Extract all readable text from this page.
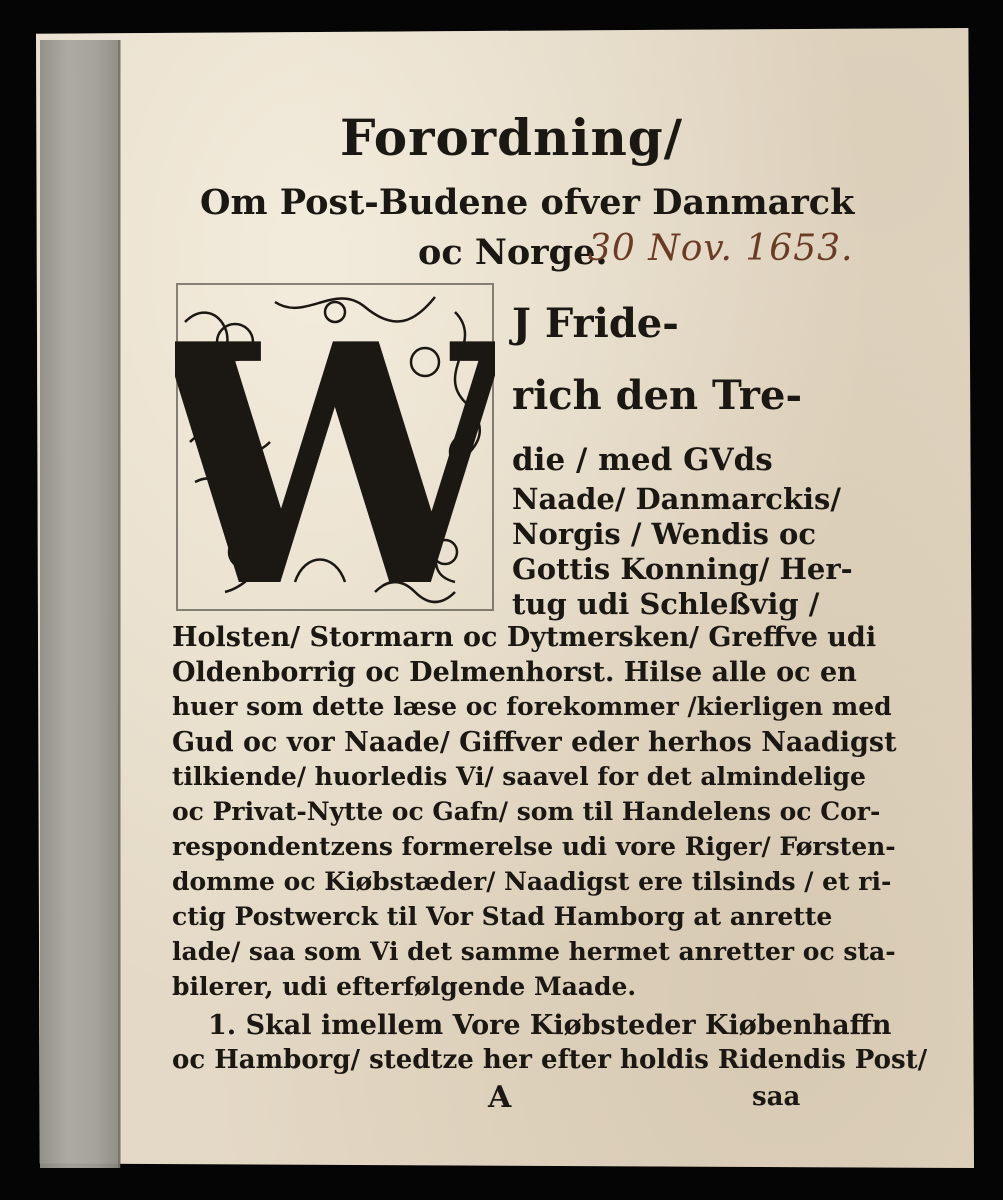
Forordning/
Om Post-Budene ofver Danmarck
oc Norge.
30 Nov. 1653.
W
J Fride-
rich den Tre-
die / med GVds
Naade/ Danmarckis/
Norgis / Wendis oc
Gottis Konning/ Her-
tug udi Schleßvig /
Holsten/ Stormarn oc Dytmersken/ Greffve udi
Oldenborrig oc Delmenhorst. Hilse alle oc en
huer som dette læse oc forekommer /kierligen med
Gud oc vor Naade/ Giffver eder herhos Naadigst
tilkiende/ huorledis Vi/ saavel for det almindelige
oc Privat-Nytte oc Gafn/ som til Handelens oc Cor-
respondentzens formerelse udi vore Riger/ Førsten-
domme oc Kiøbstæder/ Naadigst ere tilsinds / et ri-
ctig Postwerck til Vor Stad Hamborg at anrette
lade/ saa som Vi det samme hermet anretter oc sta-
bilerer, udi efterfølgende Maade.
1. Skal imellem Vore Kiøbsteder Kiøbenhaffn
oc Hamborg/ stedtze her efter holdis Ridendis Post/
A	saa
